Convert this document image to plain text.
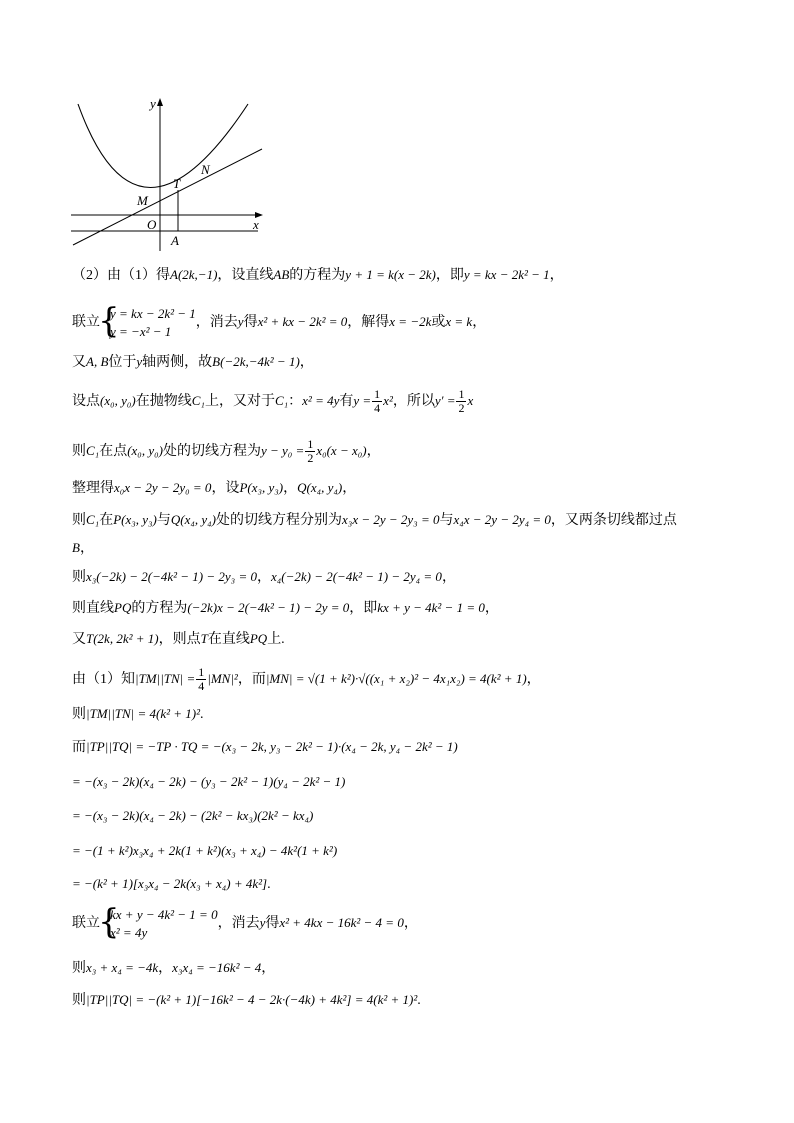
y
x
N
T
M
O
A
（2）由（1）得A(2k,−1)，设直线AB的方程为y + 1 = k(x − 2k)，即y = kx − 2k² − 1，
联立
{ y = kx − 2k² − 1
y = −x² − 1
，消去y得x² + kx − 2k² = 0，解得x = −2k或x = k，
又A, B位于y轴两侧，故B(−2k,−4k² − 1)，
设点(x₀, y₀)在抛物线C₁上，又对于C₁：x² = 4y有$y = \frac{1}{4} x^2$，所以$y' = \frac{1}{2}$ x
则C₁在点(x₀, y₀)处的切线方程为$y - y_0 = \frac{1}{2} x_0(x - x_0)$，
整理得x₀x − 2y − 2y₀ = 0，设P(x₃, y₃)，Q(x₄, y₄)，
则C₁在P(x₃, y₃)与Q(x₄, y₄)处的切线方程分别为x₃x − 2y − 2y₃ = 0与x₄x − 2y − 2y₄ = 0，又两条切线都过点
B，
则x₃(−2k) − 2(−4k² − 1) − 2y₃ = 0，x₄(−2k) − 2(−4k² − 1) − 2y₄ = 0，
则直线PQ的方程为(−2k)x − 2(−4k² − 1) − 2y = 0，即kx + y − 4k² − 1 = 0，
又T(2k, 2k² + 1)，则点T在直线PQ上.
由（1）知$|TM||TN| = \frac{1}{4} |MN|^2$，而|MN| = √(1 + k²)·√((x₁ + x₂)² − 4x₁x₂) = 4(k² + 1)，
则|TM||TN| = 4(k² + 1)².
而|TP||TQ| = −TP · TQ = −(x₃ − 2k, y₃ − 2k² − 1)·(x₄ − 2k, y₄ − 2k² − 1)
= −(x₃ − 2k)(x₄ − 2k) − (y₃ − 2k² − 1)(y₄ − 2k² − 1)
= −(x₃ − 2k)(x₄ − 2k) − (2k² − kx₃)(2k² − kx₄)
= −(1 + k²)x₃x₄ + 2k(1 + k²)(x₃ + x₄) − 4k²(1 + k²)
= −(k² + 1)[x₃x₄ − 2k(x₃ + x₄) + 4k²].
联立
{ kx + y − 4k² − 1 = 0
x² = 4y
，消去y得x² + 4kx − 16k² − 4 = 0，
则x₃ + x₄ = −4k，x₃x₄ = −16k² − 4，
则|TP||TQ| = −(k² + 1)[−16k² − 4 − 2k·(−4k) + 4k²] = 4(k² + 1)².
